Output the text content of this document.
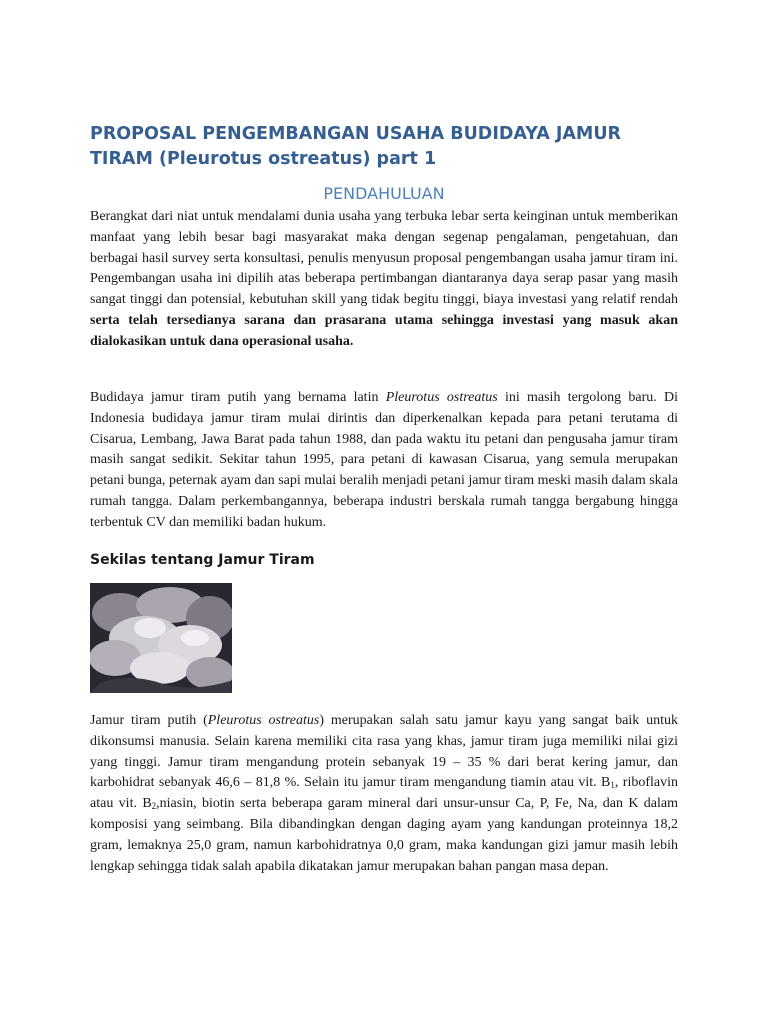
PROPOSAL PENGEMBANGAN USAHA BUDIDAYA JAMUR TIRAM (Pleurotus ostreatus) part 1
PENDAHULUAN

Berangkat dari niat untuk mendalami dunia usaha yang terbuka lebar serta keinginan untuk memberikan manfaat yang lebih besar bagi masyarakat maka dengan segenap pengalaman, pengetahuan, dan berbagai hasil survey serta konsultasi, penulis menyusun proposal pengembangan usaha jamur tiram ini. Pengembangan usaha ini dipilih atas beberapa pertimbangan diantaranya daya serap pasar yang masih sangat tinggi dan potensial, kebutuhan skill yang tidak begitu tinggi, biaya investasi yang relatif rendah serta telah tersedianya sarana dan prasarana utama sehingga investasi yang masuk akan dialokasikan untuk dana operasional usaha.

Budidaya jamur tiram putih yang bernama latin Pleurotus ostreatus ini masih tergolong baru. Di Indonesia budidaya jamur tiram mulai dirintis dan diperkenalkan kepada para petani terutama di Cisarua, Lembang, Jawa Barat pada tahun 1988, dan pada waktu itu petani dan pengusaha jamur tiram masih sangat sedikit. Sekitar tahun 1995, para petani di kawasan Cisarua, yang semula merupakan petani bunga, peternak ayam dan sapi mulai beralih menjadi petani jamur tiram meski masih dalam skala rumah tangga. Dalam perkembangannya, beberapa industri berskala rumah tangga bergabung hingga terbentuk CV dan memiliki badan hukum.

Sekilas tentang Jamur Tiram

Jamur tiram putih (Pleurotus ostreatus) merupakan salah satu jamur kayu yang sangat baik untuk dikonsumsi manusia. Selain karena memiliki cita rasa yang khas, jamur tiram juga memiliki nilai gizi yang tinggi. Jamur tiram mengandung protein sebanyak 19 – 35 % dari berat kering jamur, dan karbohidrat sebanyak 46,6 – 81,8 %. Selain itu jamur tiram mengandung tiamin atau vit. $B_1$, riboflavin atau vit. $B_2,niasin$, biotin serta beberapa garam mineral dari unsur-unsur Ca, P, Fe, Na, dan K dalam komposisi yang seimbang. Bila dibandingkan dengan daging ayam yang kandungan proteinnya 18,2 gram, lemaknya 25,0 gram, namun karbohidratnya 0,0 gram, maka kandungan gizi jamur masih lebih lengkap sehingga tidak salah apabila dikatakan jamur merupakan bahan pangan masa depan.
